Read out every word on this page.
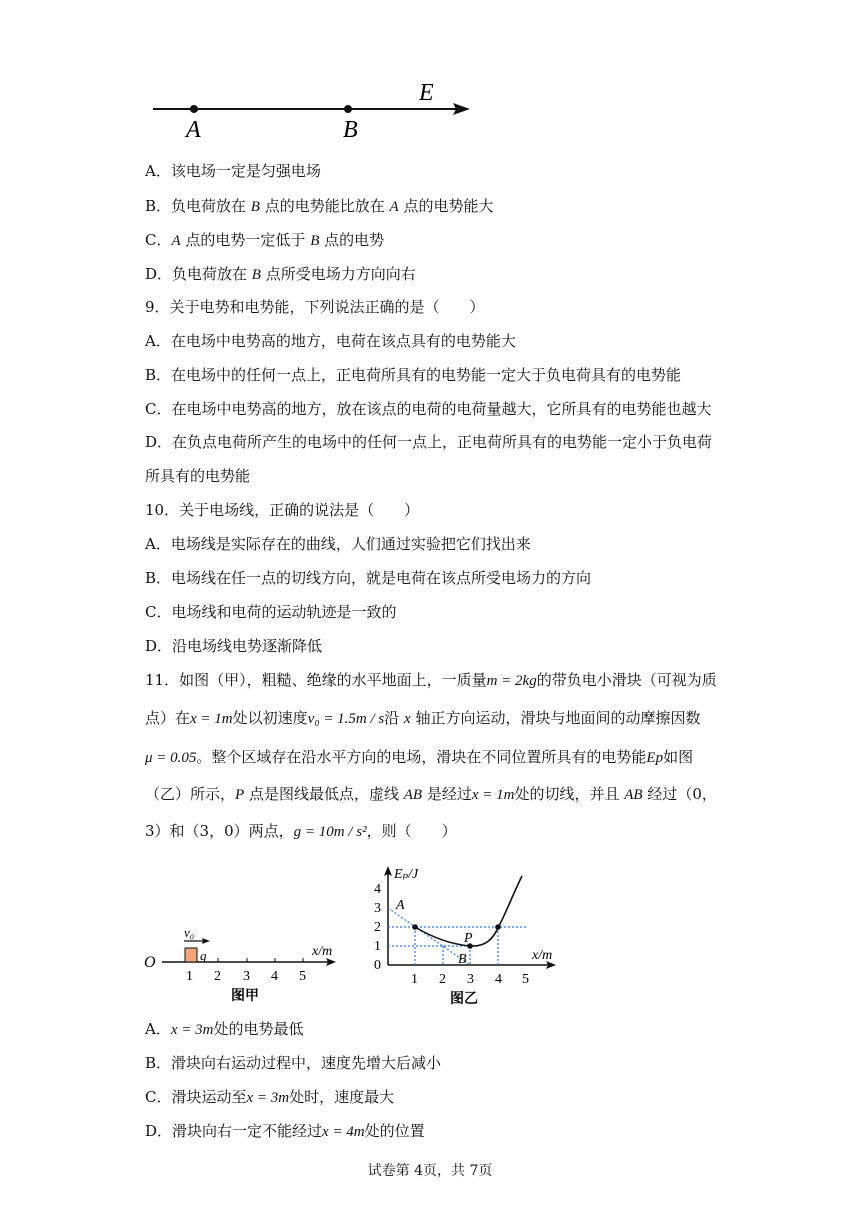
A	B
E
A．该电场一定是匀强电场
B．负电荷放在 B 点的电势能比放在 A 点的电势能大
C．A 点的电势一定低于 B 点的电势
D．负电荷放在 B 点所受电场力方向向右
9．关于电势和电势能，下列说法正确的是（　　）
A．在电场中电势高的地方，电荷在该点具有的电势能大
B．在电场中的任何一点上，正电荷所具有的电势能一定大于负电荷具有的电势能
C．在电场中电势高的地方，放在该点的电荷的电荷量越大，它所具有的电势能也越大
D．在负点电荷所产生的电场中的任何一点上，正电荷所具有的电势能一定小于负电荷
所具有的电势能
10．关于电场线，正确的说法是（　　）
A．电场线是实际存在的曲线，人们通过实验把它们找出来
B．电场线在任一点的切线方向，就是电荷在该点所受电场力的方向
C．电场线和电荷的运动轨迹是一致的
D．沿电场线电势逐渐降低
11．如图（甲），粗糙、绝缘的水平地面上，一质量m = 2kg的带负电小滑块（可视为质
点）在x = 1m处以初速度v₀ = 1.5m / s沿 x 轴正方向运动，滑块与地面间的动摩擦因数
μ = 0.05。整个区域存在沿水平方向的电场，滑块在不同位置所具有的电势能Ep如图
（乙）所示，P 点是图线最低点，虚线 AB 是经过x = 1m处的切线，并且 AB 经过（0，
3）和（3，0）两点，g = 10m / s²，则（　　）
O
v₀
q
1 2 3 4 5
x/m
图甲
4
3
2
1
0
1 2 3 4 5
Eₚ/J
x/m
A
B
P
图乙
A．x = 3m处的电势最低
B．滑块向右运动过程中，速度先增大后减小
C．滑块运动至x = 3m处时，速度最大
D．滑块向右一定不能经过x = 4m处的位置
试卷第 4页，共 7页
